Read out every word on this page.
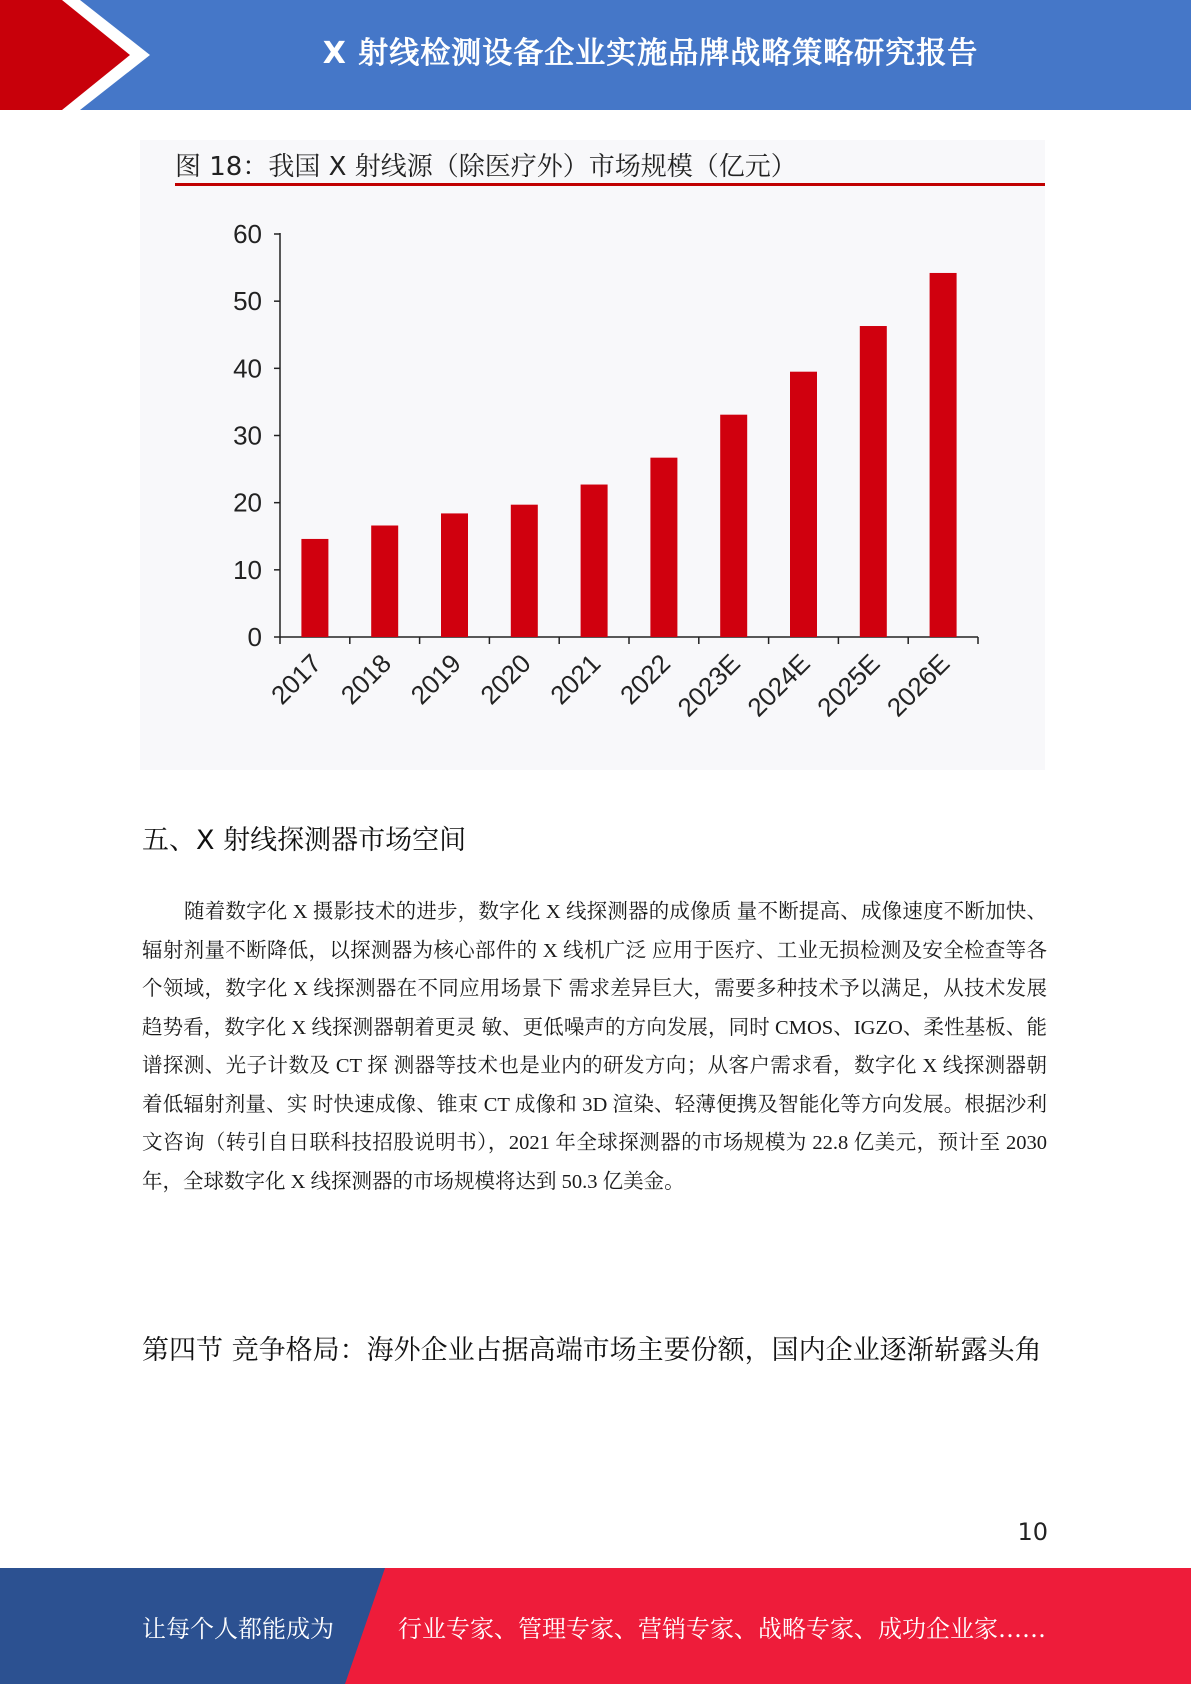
X 射线检测设备企业实施品牌战略策略研究报告
图 18：我国 X 射线源（除医疗外）市场规模（亿元）
0
10
20
30
40
50
60
2017 2018 2019 2020 2021 2022
2023E
2024E
2025E
2026E
五、X 射线探测器市场空间

随着数字化 X 摄影技术的进步，数字化 X 线探测器的成像质 量不断提高、成像速度不断加快、辐射剂量不断降低，以探测器为核心部件的 X 线机广泛 应用于医疗、工业无损检测及安全检查等各个领域，数字化 X 线探测器在不同应用场景下 需求差异巨大，需要多种技术予以满足，从技术发展趋势看，数字化 X 线探测器朝着更灵 敏、更低噪声的方向发展，同时 CMOS、IGZO、柔性基板、能谱探测、光子计数及 CT 探 测器等技术也是业内的研发方向；从客户需求看，数字化 X 线探测器朝着低辐射剂量、实 时快速成像、锥束 CT 成像和 3D 渲染、轻薄便携及智能化等方向发展。根据沙利文咨询（转引自日联科技招股说明书），2021 年全球探测器的市场规模为 22.8 亿美元，预计至 2030 年，全球数字化 X 线探测器的市场规模将达到 50.3 亿美金。

第四节 竞争格局：海外企业占据高端市场主要份额，国内企业逐渐崭露头角
10
让每个人都能成为	行业专家、管理专家、营销专家、战略专家、成功企业家……
